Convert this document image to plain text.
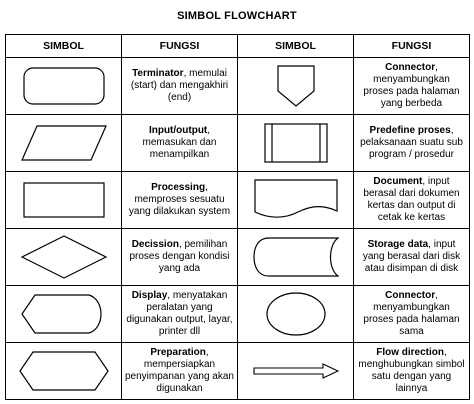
SIMBOL FLOWCHART
SIMBOL	FUNGSI	SIMBOL	FUNGSI

	Terminator, memulai (start) dan mengakhiri (end)		Connector, menyambungkan proses pada halaman yang berbeda

	Input/output, memasukan dan menampilkan		Predefine proses, pelaksanaan suatu sub program / prosedur

	Processing, memproses sesuatu yang dilakukan system		Document, input berasal dari dokumen kertas dan output di cetak ke kertas

	Decission, pemilihan proses dengan kondisi yang ada		Storage data, input yang berasal dari disk atau disimpan di disk

	Display, menyatakan peralatan yang digunakan output, layar, printer dll		Connector, menyambungkan proses pada halaman sama

	Preparation, mempersiapkan penyimpanan yang akan digunakan		Flow direction, menghubungkan simbol satu dengan yang lainnya
